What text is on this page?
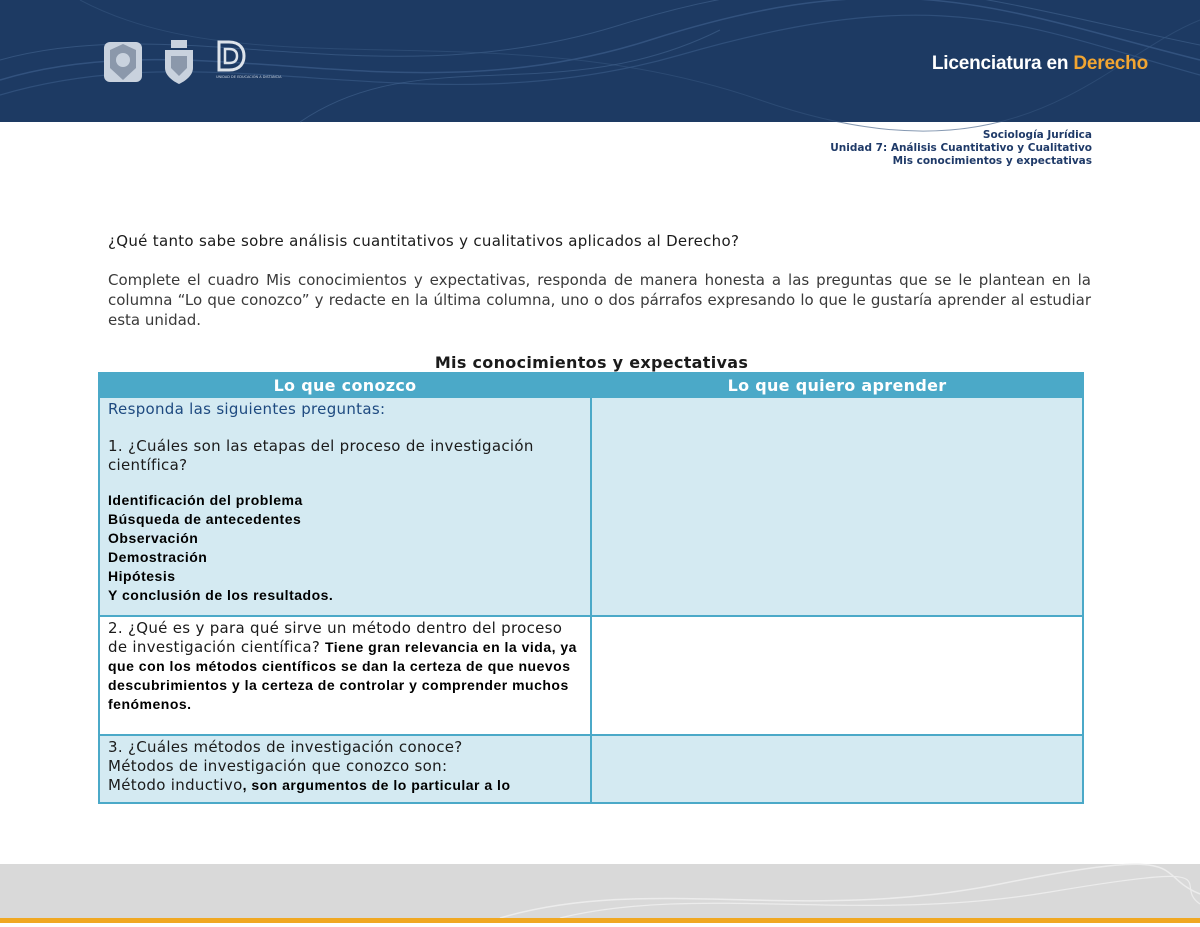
UNIDAD DE EDUCACIÓN A DISTANCIA
Licenciatura en Derecho
Sociología Jurídica
Unidad 7: Análisis Cuantitativo y Cualitativo
Mis conocimientos y expectativas
¿Qué tanto sabe sobre análisis cuantitativos y cualitativos aplicados al Derecho?
Complete el cuadro Mis conocimientos y expectativas, responda de manera honesta a las preguntas que se le plantean en la columna “Lo que conozco” y redacte en la última columna, uno o dos párrafos expresando lo que le gustaría aprender al estudiar esta unidad.
Mis conocimientos y expectativas
Lo que conozco	Lo que quiero aprender
Responda las siguientes preguntas:
1. ¿Cuáles son las etapas del proceso de investigación científica?
Identificación del problema
Búsqueda de antecedentes
Observación
Demostración
Hipótesis
Y conclusión de los resultados.
2. ¿Qué es y para qué sirve un método dentro del proceso de investigación científica? Tiene gran relevancia en la vida, ya que con los métodos científicos se dan la certeza de que nuevos descubrimientos y la certeza de controlar y comprender muchos fenómenos.
3. ¿Cuáles métodos de investigación conoce?
Métodos de investigación que conozco son:
Método inductivo, son argumentos de lo particular a lo
